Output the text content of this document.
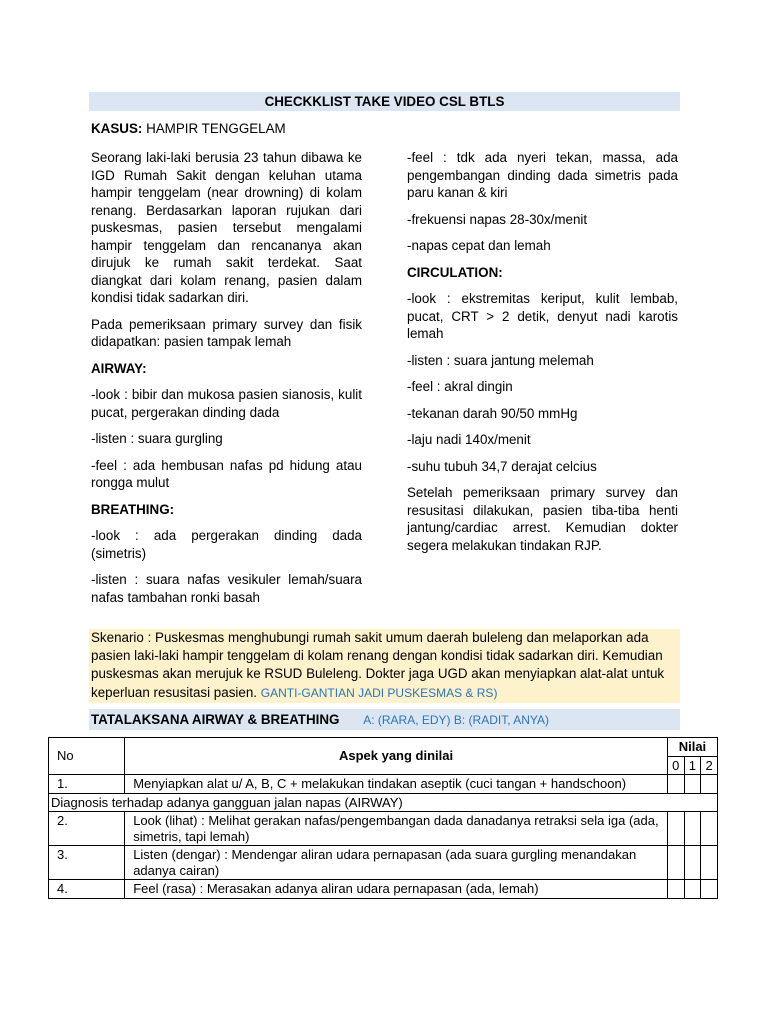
CHECKKLIST TAKE VIDEO CSL BTLS
KASUS: HAMPIR TENGGELAM

Seorang laki-laki berusia 23 tahun dibawa ke IGD Rumah Sakit dengan keluhan utama hampir tenggelam (near drowning) di kolam renang. Berdasarkan laporan rujukan dari puskesmas, pasien tersebut mengalami hampir tenggelam dan rencananya akan dirujuk ke rumah sakit terdekat. Saat diangkat dari kolam renang, pasien dalam kondisi tidak sadarkan diri.

Pada pemeriksaan primary survey dan fisik didapatkan: pasien tampak lemah

AIRWAY:

-look : bibir dan mukosa pasien sianosis, kulit pucat, pergerakan dinding dada

-listen : suara gurgling

-feel : ada hembusan nafas pd hidung atau rongga mulut

BREATHING:

-look : ada pergerakan dinding dada (simetris)

-listen : suara nafas vesikuler lemah/suara nafas tambahan ronki basah

-feel : tdk ada nyeri tekan, massa, ada pengembangan dinding dada simetris pada paru kanan & kiri

-frekuensi napas 28-30x/menit

-napas cepat dan lemah

CIRCULATION:

-look : ekstremitas keriput, kulit lembab, pucat, CRT > 2 detik, denyut nadi karotis lemah

-listen : suara jantung melemah

-feel : akral dingin

-tekanan darah 90/50 mmHg

-laju nadi 140x/menit

-suhu tubuh 34,7 derajat celcius

Setelah pemeriksaan primary survey dan resusitasi dilakukan, pasien tiba-tiba henti jantung/cardiac arrest. Kemudian dokter segera melakukan tindakan RJP.

Skenario : Puskesmas menghubungi rumah sakit umum daerah buleleng dan melaporkan ada pasien laki-laki hampir tenggelam di kolam renang dengan kondisi tidak sadarkan diri. Kemudian puskesmas akan merujuk ke RSUD Buleleng. Dokter jaga UGD akan menyiapkan alat-alat untuk keperluan resusitasi pasien. GANTI-GANTIAN JADI PUSKESMAS & RS)
TATALAKSANA AIRWAY & BREATHING A: (RARA, EDY) B: (RADIT, ANYA)
No	Aspek yang dinilai	Nilai		
		0	1	2
1.	Menyiapkan alat u/ A, B, C + melakukan tindakan aseptik (cuci tangan + handschoon)			
Diagnosis terhadap adanya gangguan jalan napas (AIRWAY)				
2.	Look (lihat) : Melihat gerakan nafas/pengembangan dada danadanya retraksi sela iga (ada, simetris, tapi lemah)			
3.	Listen (dengar) : Mendengar aliran udara pernapasan (ada suara gurgling menandakan adanya cairan)			
4.	Feel (rasa) : Merasakan adanya aliran udara pernapasan (ada, lemah)			
